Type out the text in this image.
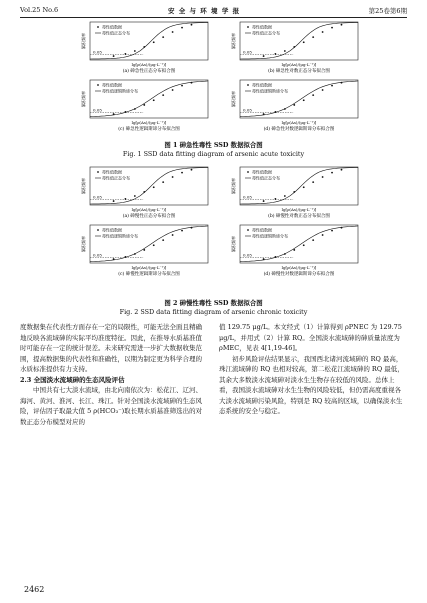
Vol.25 No.6	安 全 与 环 境 学 报	第25卷第6期
累积频率
lg[ρ(As)/(μg·L⁻¹)]
0.05
毒性值数据
毒性值正态分布
(a) 砷急性正态分布拟合图
累积频率
lg[ρ(As)/(μg·L⁻¹)]
0.05
毒性值数据
毒性值正态分布
(b) 砷急性对数正态分布拟合图
累积频率
lg[ρ(As)/(μg·L⁻¹)]
0.05
毒性值数据
毒性值逻辑斯谛分布
(c) 砷急性逻辑斯谛分布拟合图
累积频率
lg[ρ(As)/(μg·L⁻¹)]
0.05
毒性值数据
毒性值逻辑斯谛分布
(d) 砷急性对数逻辑斯谛分布拟合图
图 1 砷急性毒性 SSD 数据拟合图
Fig. 1 SSD data fitting diagram of arsenic acute toxicity
累积频率
lg[ρ(As)/(μg·L⁻¹)]
0.05
毒性值数据
毒性值正态分布
(a) 砷慢性正态分布拟合图
累积频率
lg[ρ(As)/(μg·L⁻¹)]
0.05
毒性值数据
毒性值正态分布
(b) 砷慢性对数正态分布拟合图
累积频率
lg[ρ(As)/(μg·L⁻¹)]
0.05
毒性值数据
毒性值逻辑斯谛分布
(c) 砷慢性逻辑斯谛分布拟合图
累积频率
lg[ρ(As)/(μg·L⁻¹)]
0.05
毒性值数据
毒性值逻辑斯谛分布
(d) 砷慢性对数逻辑斯谛分布拟合图
图 2 砷慢性毒性 SSD 数据拟合图
Fig. 2 SSD data fitting diagram of arsenic chronic toxicity

度数据集在代表性方面存在一定的局限性，可能无法全面且精确地反映各流域砷的实际平均准度特征。因此，在推导水质基准值时可能存在一定的统计误差。未来研究需进一步扩大数据收集范围，提高数据集的代表性和准确性，以期为制定更为科学合理的水质标准提供有力支持。

2.3 全国淡水流域砷的生态风险评估

中国共有七大淡水流域，由北向南依次为：松花江、辽河、海河、黄河、淮河、长江、珠江。针对全国淡水流域砷的生态风险，评估因子取最大值 5 ρ(HCO₃⁻)取长期水质基准筛选出的对数正态分布模型对应的

值 129.75 μg/L。本文经式（1）计算得到 ρPNEC 为 129.75 μg/L，并用式（2）计算 RQ。全国淡水流域砷的砷质量浓度为 ρMEC，见表 4[1,19-46]。

初步风险评估结果显示，我国西北诸河流域砷的 RQ 最高，珠江流域砷的 RQ 也相对较高，第二松花江流域砷的 RQ 最低，其余大多数淡水流域砷对淡水生生物存在较低的风险。总体上看，我国淡水流域砷对水生生物的风险较低，但仍需高度重视各大淡水流域砷污染风险，特别是 RQ 较高的区域，以确保淡水生态系统的安全与稳定。

2462
